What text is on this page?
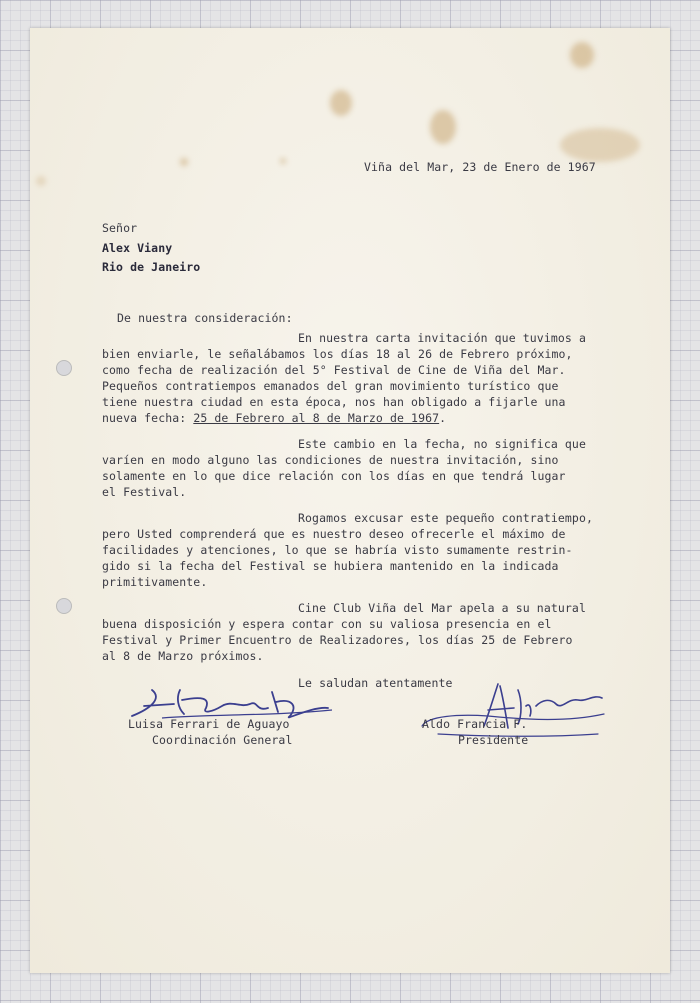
Viña del Mar, 23 de Enero de 1967
Señor
Alex Viany
Rio de Janeiro
De nuestra consideración:
En nuestra carta invitación que tuvimos a
bien enviarle, le señalábamos los días 18 al 26 de Febrero próximo,
como fecha de realización del 5° Festival de Cine de Viña del Mar.
Pequeños contratiempos emanados del gran movimiento turístico que
tiene nuestra ciudad en esta época, nos han obligado a fijarle una
nueva fecha: 25 de Febrero al 8 de Marzo de 1967.
Este cambio en la fecha, no significa que
varíen en modo alguno las condiciones de nuestra invitación, sino
solamente en lo que dice relación con los días en que tendrá lugar
el Festival.
Rogamos excusar este pequeño contratiempo,
pero Usted comprenderá que es nuestro deseo ofrecerle el máximo de
facilidades y atenciones, lo que se habría visto sumamente restrin-
gido si la fecha del Festival se hubiera mantenido en la indicada
primitivamente.
Cine Club Viña del Mar apela a su natural
buena disposición y espera contar con su valiosa presencia en el
Festival y Primer Encuentro de Realizadores, los días 25 de Febrero
al 8 de Marzo próximos.
Le saludan atentamente
Luisa Ferrari de Aguayo
Coordinación General
Aldo Francia F.
Presidente
